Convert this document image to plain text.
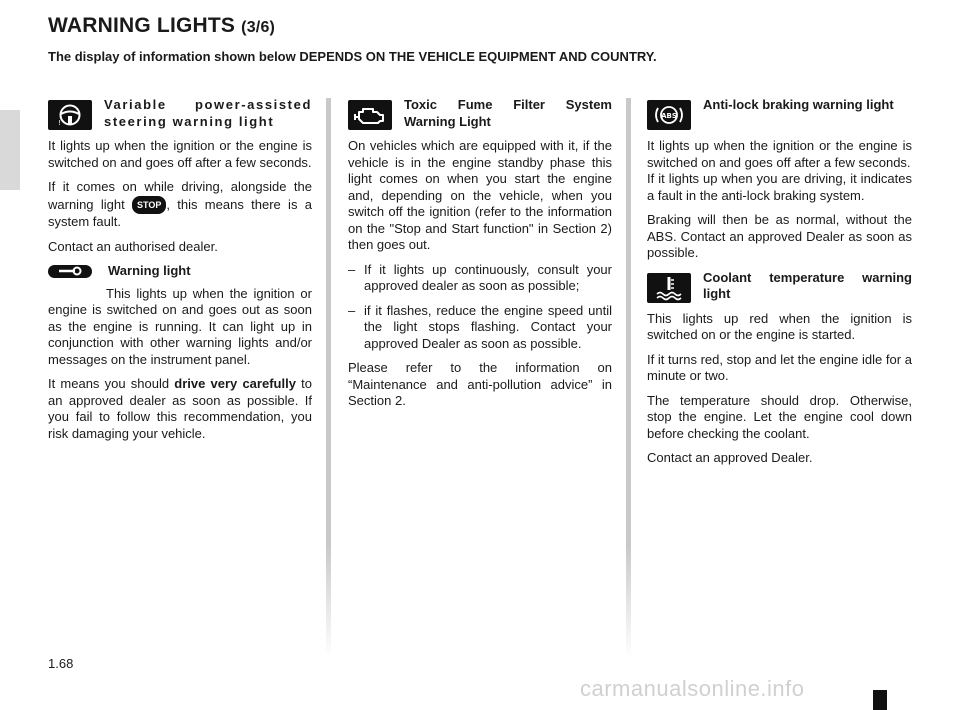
WARNING LIGHTS (3/6)

The display of information shown below DEPENDS ON THE VEHICLE EQUIPMENT AND COUNTRY.

!
Variable power-assisted steering warning light

It lights up when the ignition or the engine is switched on and goes off after a few seconds.

If it comes on while driving, alongside the warning light STOP , this means there is a system fault.

Contact an authorised dealer.

Warning light

This lights up when the ignition or engine is switched on and goes out as soon as the engine is running. It can light up in conjunction with other warning lights and/or messages on the instrument panel.

It means you should drive very carefully to an approved dealer as soon as possible. If you fail to follow this recommendation, you risk damaging your vehicle.

Toxic Fume Filter System Warning Light

On vehicles which are equipped with it, if the vehicle is in the engine standby phase this light comes on when you start the engine and, depending on the vehicle, when you switch off the ignition (refer to the information on the "Stop and Start function" in Section 2) then goes out.

– If it lights up continuously, consult your approved dealer as soon as possible;
– if it flashes, reduce the engine speed until the light stops flashing. Contact your approved Dealer as soon as possible.

Please refer to the information on “Maintenance and anti-pollution advice” in Section 2.

ABS
Anti-lock braking warning light

It lights up when the ignition or the engine is switched on and goes off after a few seconds.
If it lights up when you are driving, it indicates a fault in the anti-lock braking system.

Braking will then be as normal, without the ABS. Contact an approved Dealer as soon as possible.

Coolant temperature warning light

This lights up red when the ignition is switched on or the engine is started.

If it turns red, stop and let the engine idle for a minute or two.

The temperature should drop. Otherwise, stop the engine. Let the engine cool down before checking the coolant.

Contact an approved Dealer.

1.68

carmanualsonline.info
